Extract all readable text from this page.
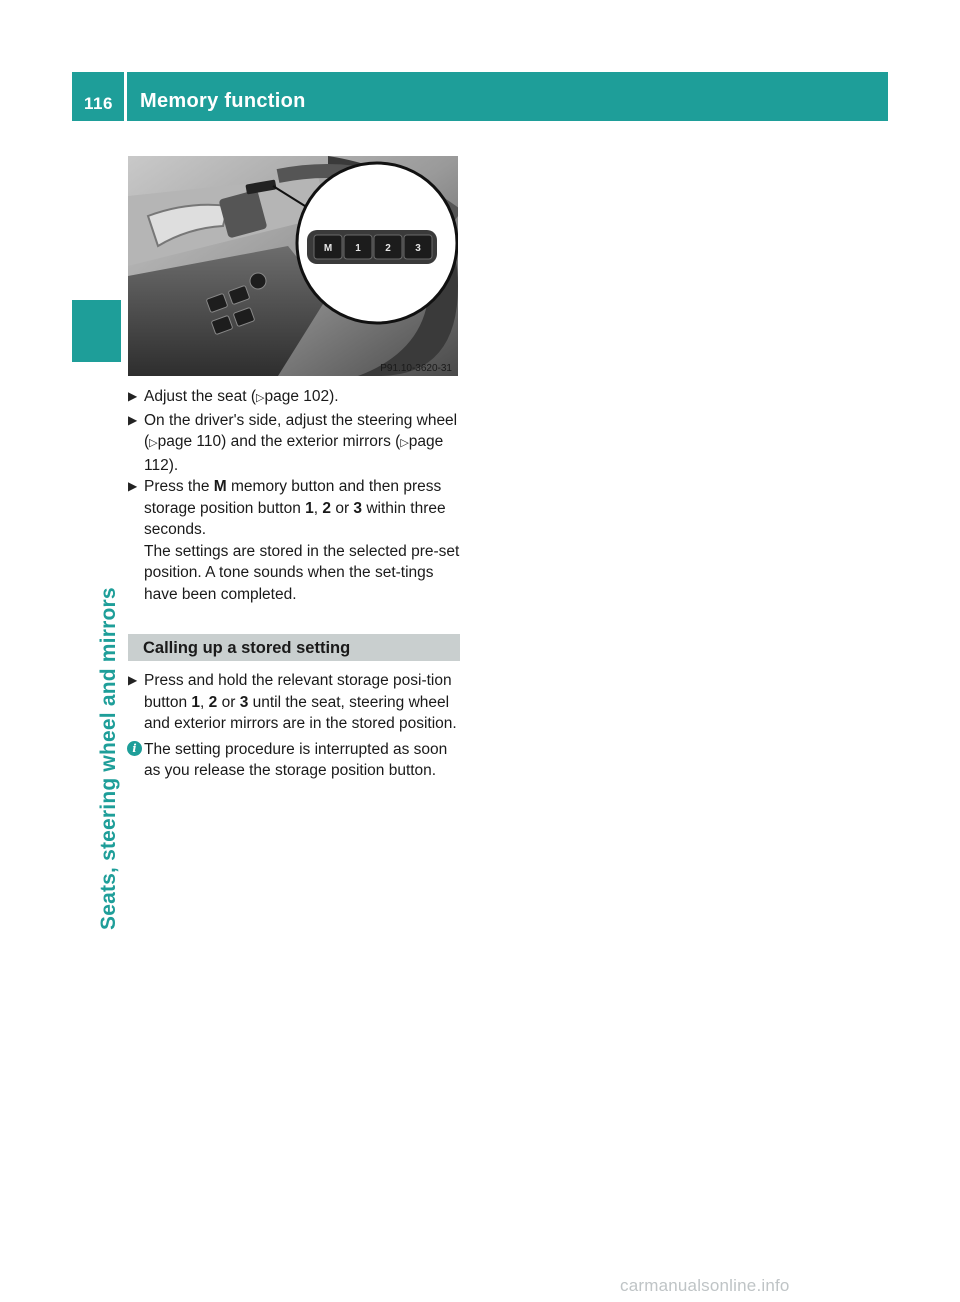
116 Memory function
Seats, steering wheel and mirrors
M 1 2 3
P91.10-3620-31
▶ Adjust the seat (▷page 102).
▶ On the driver's side, adjust the steering wheel (▷page 110) and the exterior mirrors (▷page 112).
▶ Press the M memory button and then press storage position button 1, 2 or 3 within three seconds.
The settings are stored in the selected pre-set position. A tone sounds when the set-tings have been completed.
Calling up a stored setting
▶ Press and hold the relevant storage posi-tion button 1, 2 or 3 until the seat, steering wheel and exterior mirrors are in the stored position.
i The setting procedure is interrupted as soon as you release the storage position button.
carmanualsonline.info
